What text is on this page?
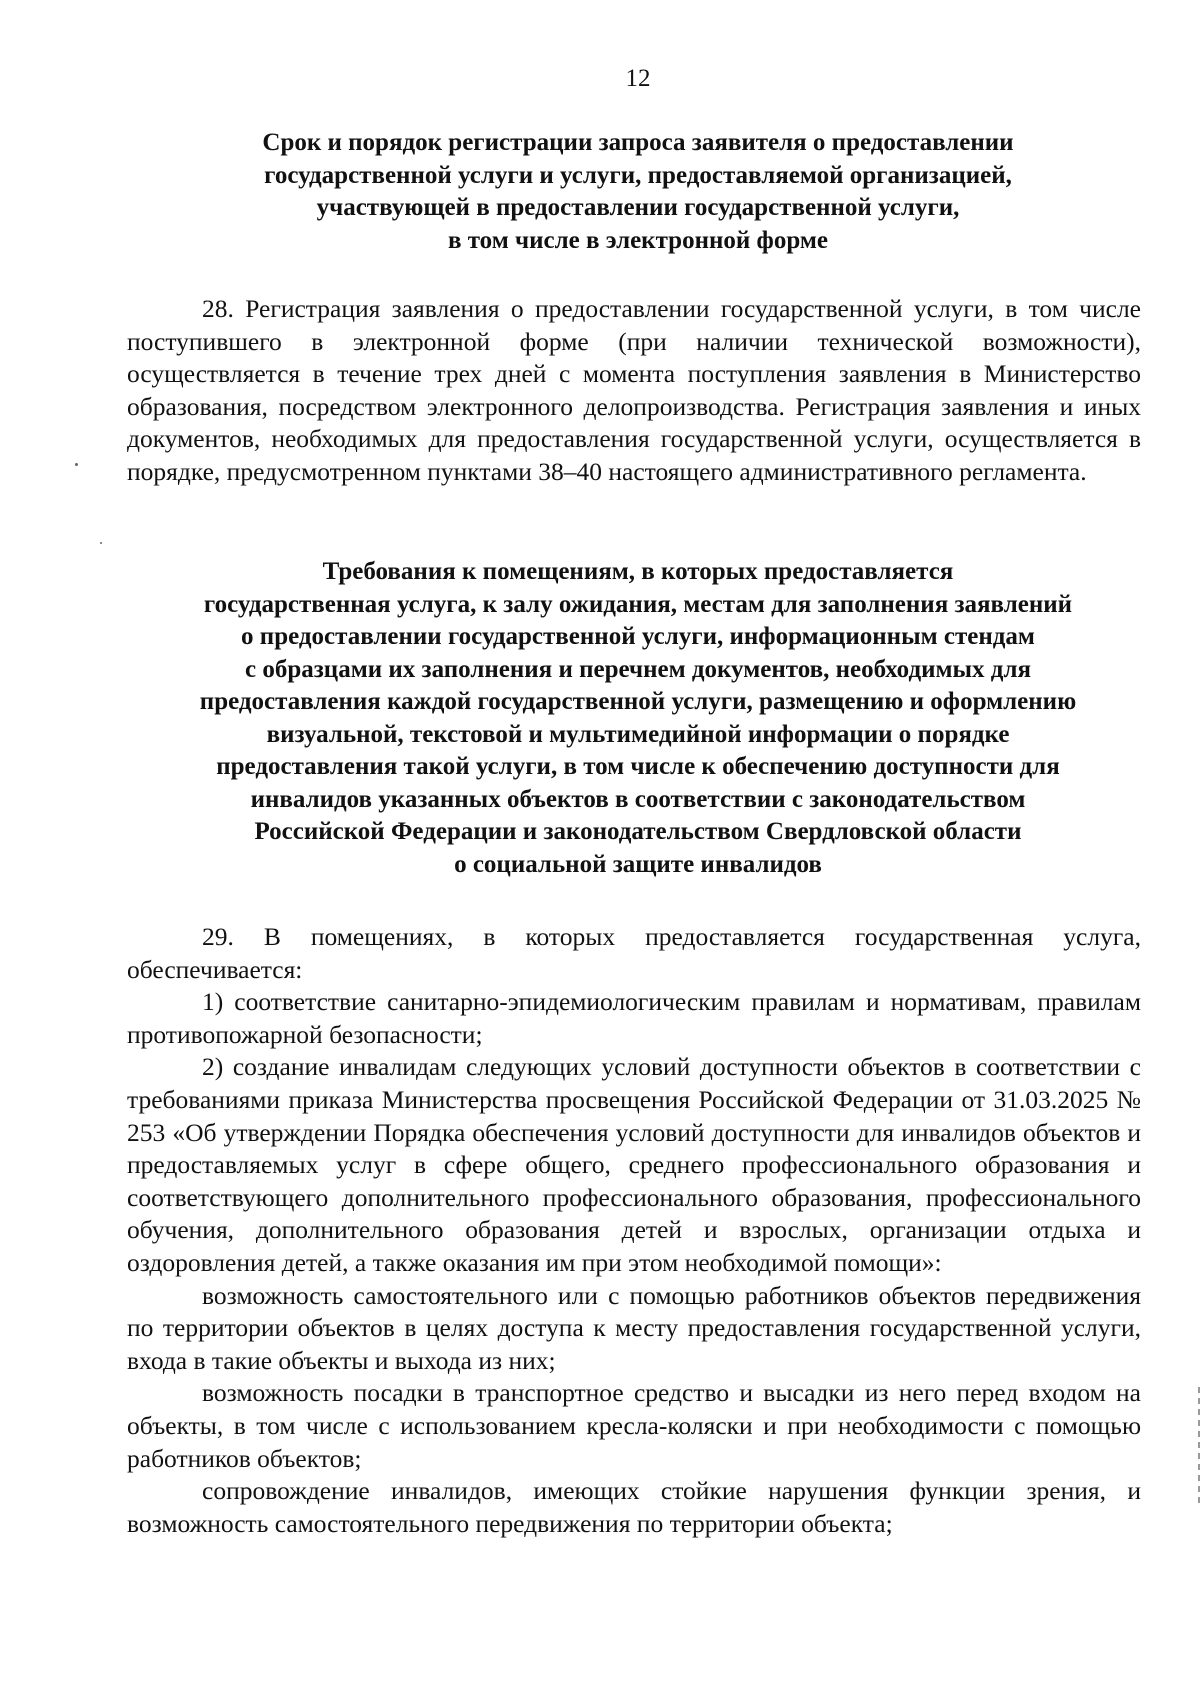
12
Срок и порядок регистрации запроса заявителя о предоставлении
государственной услуги и услуги, предоставляемой организацией,
участвующей в предоставлении государственной услуги,
в том числе в электронной форме

28. Регистрация заявления о предоставлении государственной услуги, в том числе поступившего в электронной форме (при наличии технической возможности), осуществляется в течение трех дней с момента поступления заявления в Министерство образования, посредством электронного делопроизводства. Регистрация заявления и иных документов, необходимых для предоставления государственной услуги, осуществляется в порядке, предусмотренном пунктами 38–40 настоящего административного регламента.

Требования к помещениям, в которых предоставляется
государственная услуга, к залу ожидания, местам для заполнения заявлений
о предоставлении государственной услуги, информационным стендам
с образцами их заполнения и перечнем документов, необходимых для
предоставления каждой государственной услуги, размещению и оформлению
визуальной, текстовой и мультимедийной информации о порядке
предоставления такой услуги, в том числе к обеспечению доступности для
инвалидов указанных объектов в соответствии с законодательством
Российской Федерации и законодательством Свердловской области
о социальной защите инвалидов

29. В помещениях, в которых предоставляется государственная услуга, обеспечивается:

1) соответствие санитарно-эпидемиологическим правилам и нормативам, правилам противопожарной безопасности;

2) создание инвалидам следующих условий доступности объектов в соответствии с требованиями приказа Министерства просвещения Российской Федерации от 31.03.2025 № 253 «Об утверждении Порядка обеспечения условий доступности для инвалидов объектов и предоставляемых услуг в сфере общего, среднего профессионального образования и соответствующего дополнительного профессионального образования, профессионального обучения, дополнительного образования детей и взрослых, организации отдыха и оздоровления детей, а также оказания им при этом необходимой помощи»:

возможность самостоятельного или с помощью работников объектов передвижения по территории объектов в целях доступа к месту предоставления государственной услуги, входа в такие объекты и выхода из них;

возможность посадки в транспортное средство и высадки из него перед входом на объекты, в том числе с использованием кресла-коляски и при необходимости с помощью работников объектов;

сопровождение инвалидов, имеющих стойкие нарушения функции зрения, и возможность самостоятельного передвижения по территории объекта;
